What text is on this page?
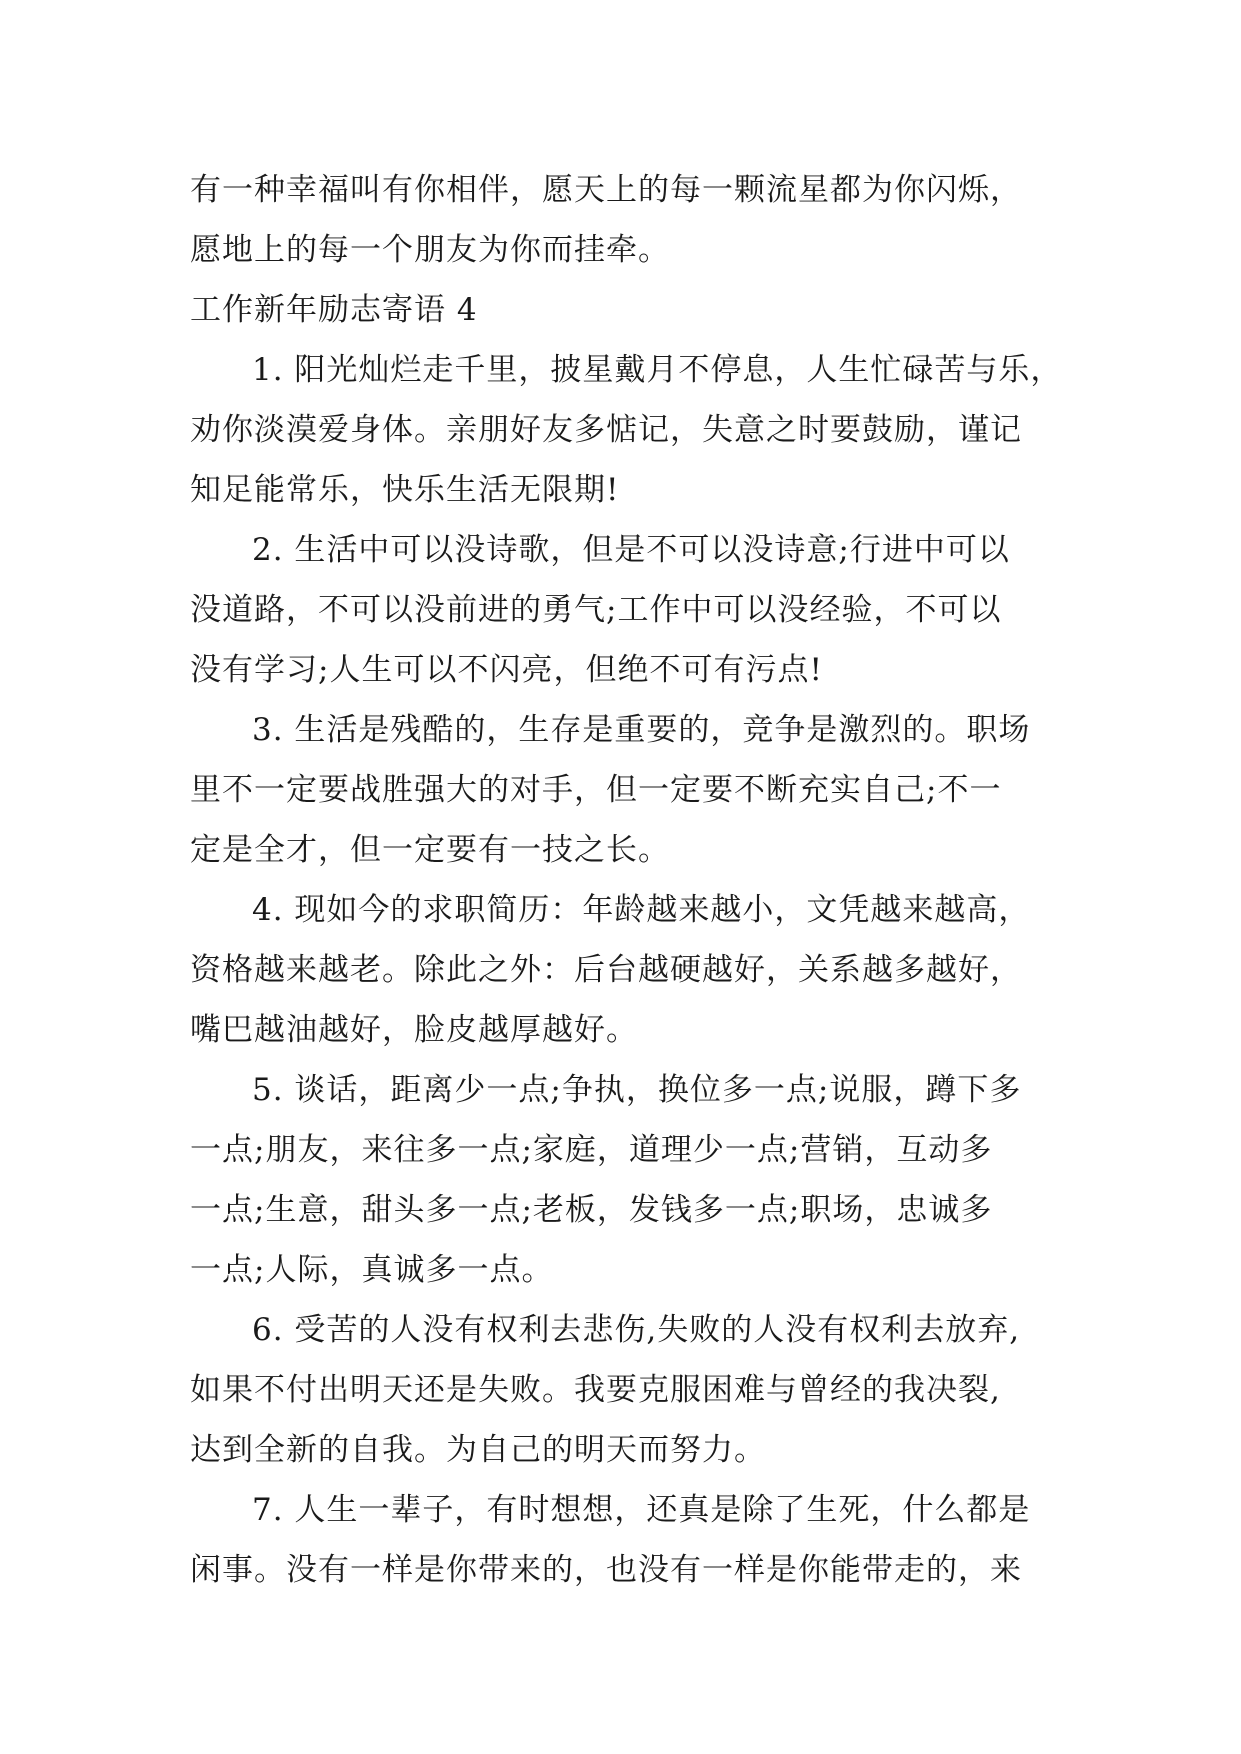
有一种幸福叫有你相伴，愿天上的每一颗流星都为你闪烁，
愿地上的每一个朋友为你而挂牵。
工作新年励志寄语 4
1. 阳光灿烂走千里，披星戴月不停息，人生忙碌苦与乐，
劝你淡漠爱身体。亲朋好友多惦记，失意之时要鼓励，谨记
知足能常乐，快乐生活无限期!
2. 生活中可以没诗歌，但是不可以没诗意;行进中可以
没道路，不可以没前进的勇气;工作中可以没经验，不可以
没有学习;人生可以不闪亮，但绝不可有污点!
3. 生活是残酷的，生存是重要的，竞争是激烈的。职场
里不一定要战胜强大的对手，但一定要不断充实自己;不一
定是全才，但一定要有一技之长。
4. 现如今的求职简历：年龄越来越小，文凭越来越高，
资格越来越老。除此之外：后台越硬越好，关系越多越好，
嘴巴越油越好，脸皮越厚越好。
5. 谈话，距离少一点;争执，换位多一点;说服，蹲下多
一点;朋友，来往多一点;家庭，道理少一点;营销，互动多
一点;生意，甜头多一点;老板，发钱多一点;职场，忠诚多
一点;人际，真诚多一点。
6. 受苦的人没有权利去悲伤,失败的人没有权利去放弃,
如果不付出明天还是失败。我要克服困难与曾经的我决裂,
达到全新的自我。为自己的明天而努力。
7. 人生一辈子，有时想想，还真是除了生死，什么都是
闲事。没有一样是你带来的，也没有一样是你能带走的，来
